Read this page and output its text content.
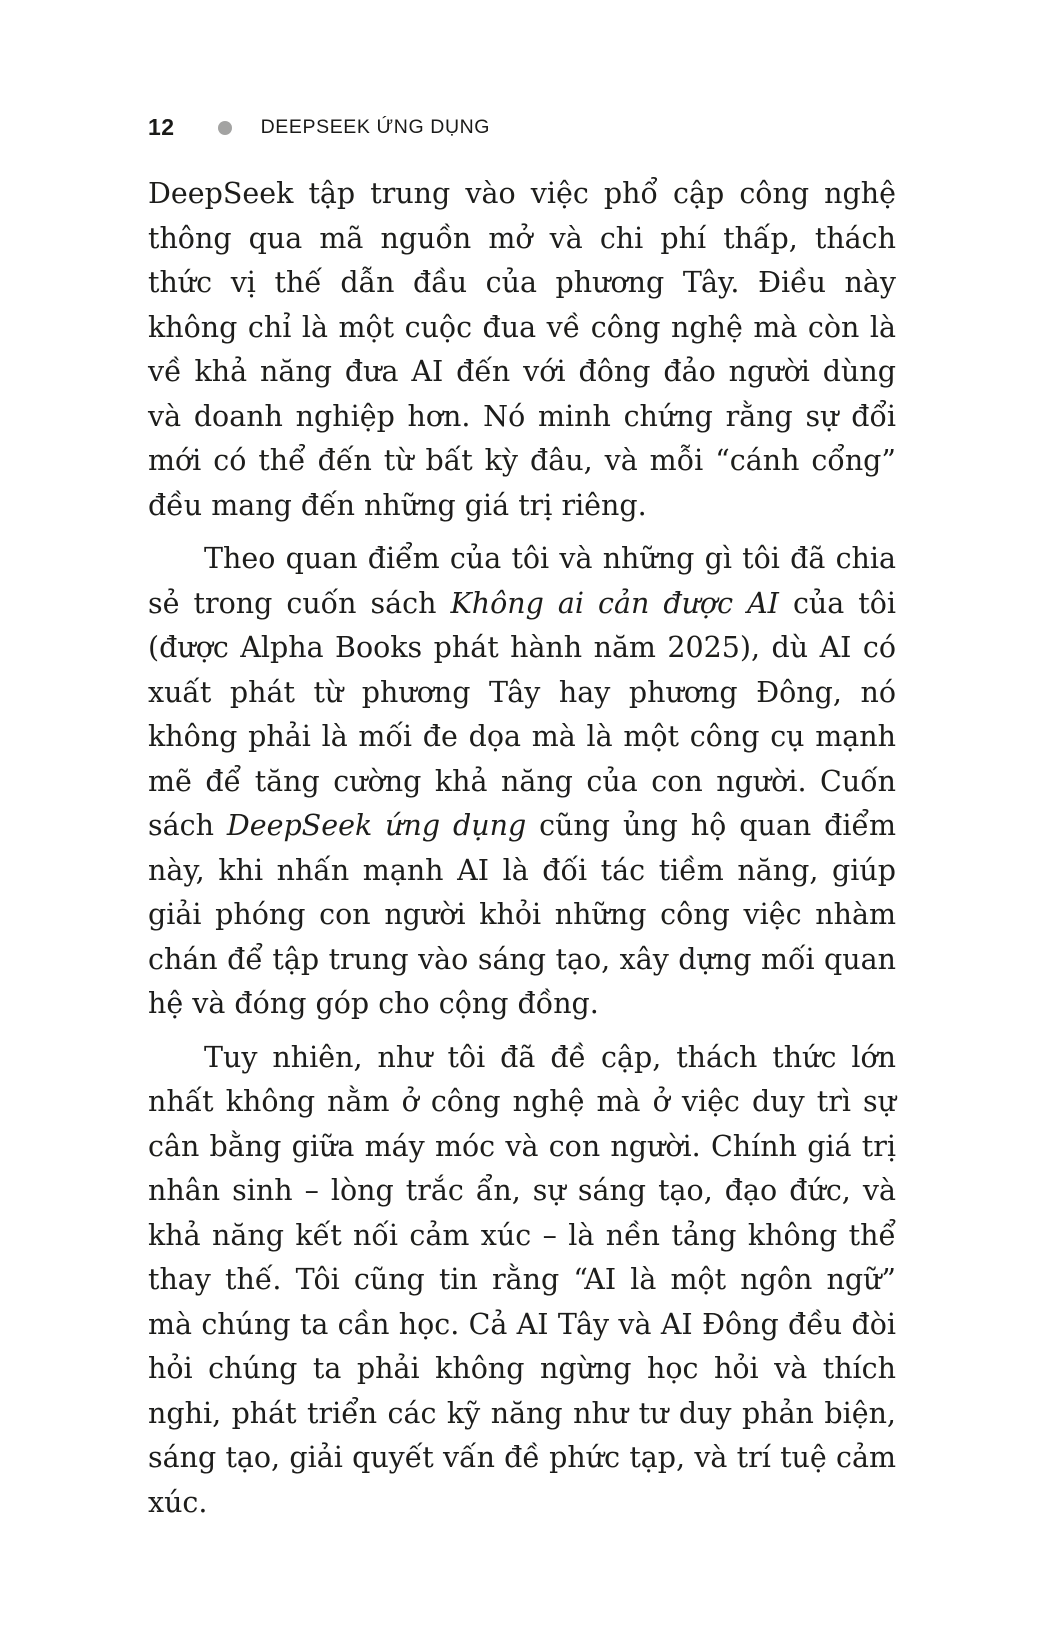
12	DEEPSEEK ỨNG DỤNG

DeepSeek tập trung vào việc phổ cập công nghệ thông qua mã nguồn mở và chi phí thấp, thách thức vị thế dẫn đầu của phương Tây. Điều này không chỉ là một cuộc đua về công nghệ mà còn là về khả năng đưa AI đến với đông đảo người dùng và doanh nghiệp hơn. Nó minh chứng rằng sự đổi mới có thể đến từ bất kỳ đâu, và mỗi “cánh cổng” đều mang đến những giá trị riêng.

Theo quan điểm của tôi và những gì tôi đã chia sẻ trong cuốn sách Không ai cản được AI của tôi (được Alpha Books phát hành năm 2025), dù AI có xuất phát từ phương Tây hay phương Đông, nó không phải là mối đe dọa mà là một công cụ mạnh mẽ để tăng cường khả năng của con người. Cuốn sách DeepSeek ứng dụng cũng ủng hộ quan điểm này, khi nhấn mạnh AI là đối tác tiềm năng, giúp giải phóng con người khỏi những công việc nhàm chán để tập trung vào sáng tạo, xây dựng mối quan hệ và đóng góp cho cộng đồng.

Tuy nhiên, như tôi đã đề cập, thách thức lớn nhất không nằm ở công nghệ mà ở việc duy trì sự cân bằng giữa máy móc và con người. Chính giá trị nhân sinh – lòng trắc ẩn, sự sáng tạo, đạo đức, và khả năng kết nối cảm xúc – là nền tảng không thể thay thế. Tôi cũng tin rằng “AI là một ngôn ngữ” mà chúng ta cần học. Cả AI Tây và AI Đông đều đòi hỏi chúng ta phải không ngừng học hỏi và thích nghi, phát triển các kỹ năng như tư duy phản biện, sáng tạo, giải quyết vấn đề phức tạp, và trí tuệ cảm xúc.
